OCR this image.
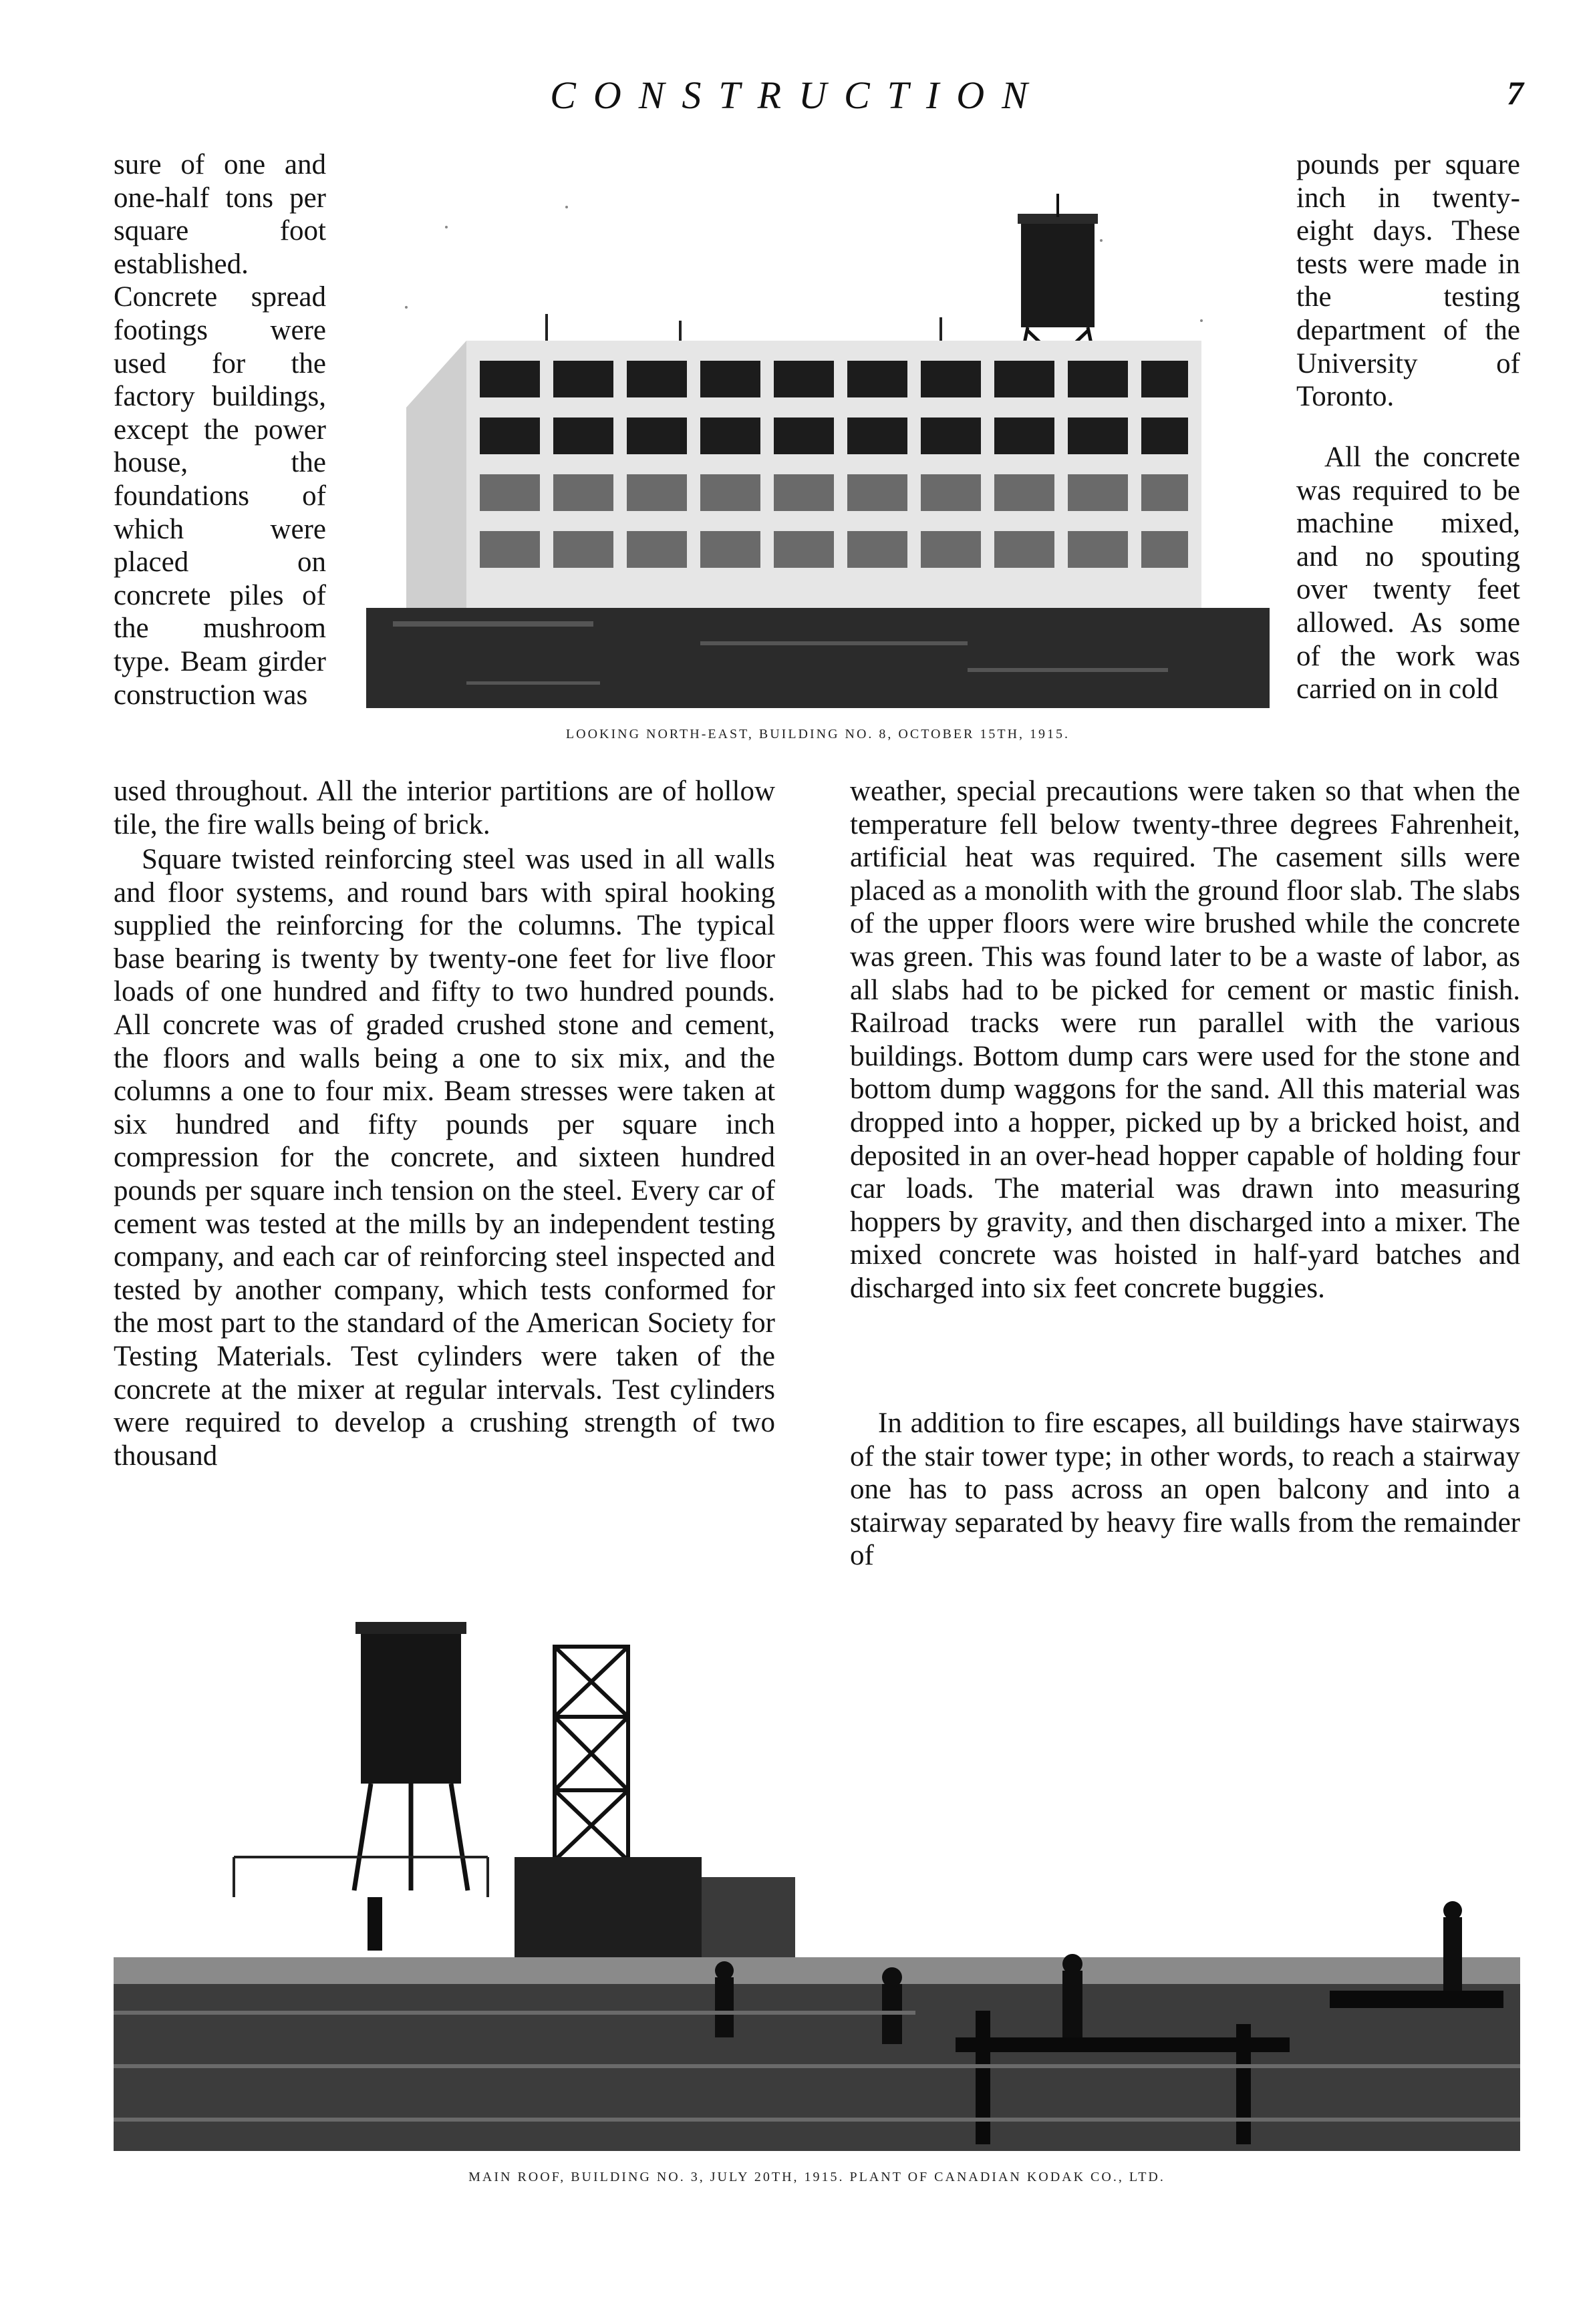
CONSTRUCTION	7

sure of one and one-half tons per square foot established. Concrete spread footings were used for the factory buildings, except the power house, the foundations of which were placed on concrete piles of the mushroom type. Beam girder construction was

used throughout. All the interior partitions are of hollow tile, the fire walls being of brick.

Square twisted reinforcing steel was used in all walls and floor systems, and round bars with spiral hooking supplied the reinforcing for the columns. The typical base bearing is twenty by twenty-one feet for live floor loads of one hundred and fifty to two hundred pounds. All concrete was of graded crushed stone and cement, the floors and walls being a one to six mix, and the columns a one to four mix. Beam stresses were taken at six hundred and fifty pounds per square inch compression for the concrete, and sixteen hundred pounds per square inch tension on the steel. Every car of cement was tested at the mills by an independent testing company, and each car of reinforcing steel inspected and tested by another company, which tests conformed for the most part to the standard of the American Society for Testing Materials. Test cylinders were taken of the concrete at the mixer at regular intervals. Test cylinders were required to develop a crushing strength of two thousand

pounds per square inch in twenty-eight days. These tests were made in the testing department of the University of Toronto.

All the concrete was required to be machine mixed, and no spouting over twenty feet allowed. As some of the work was carried on in cold

weather, special precautions were taken so that when the temperature fell below twenty-three degrees Fahrenheit, artificial heat was required. The casement sills were placed as a monolith with the ground floor slab. The slabs of the upper floors were wire brushed while the concrete was green. This was found later to be a waste of labor, as all slabs had to be picked for cement or mastic finish. Railroad tracks were run parallel with the various buildings. Bottom dump cars were used for the stone and bottom dump waggons for the sand. All this material was dropped into a hopper, picked up by a bricked hoist, and deposited in an over-head hopper capable of holding four car loads. The material was drawn into measuring hoppers by gravity, and then discharged into a mixer. The mixed concrete was hoisted in half-yard batches and discharged into six feet concrete buggies.

In addition to fire escapes, all buildings have stairways of the stair tower type; in other words, to reach a stairway one has to pass across an open balcony and into a stairway separated by heavy fire walls from the remainder of

LOOKING NORTH-EAST, BUILDING NO. 8, OCTOBER 15TH, 1915.
MAIN ROOF, BUILDING NO. 3, JULY 20TH, 1915. PLANT OF CANADIAN KODAK CO., LTD.
